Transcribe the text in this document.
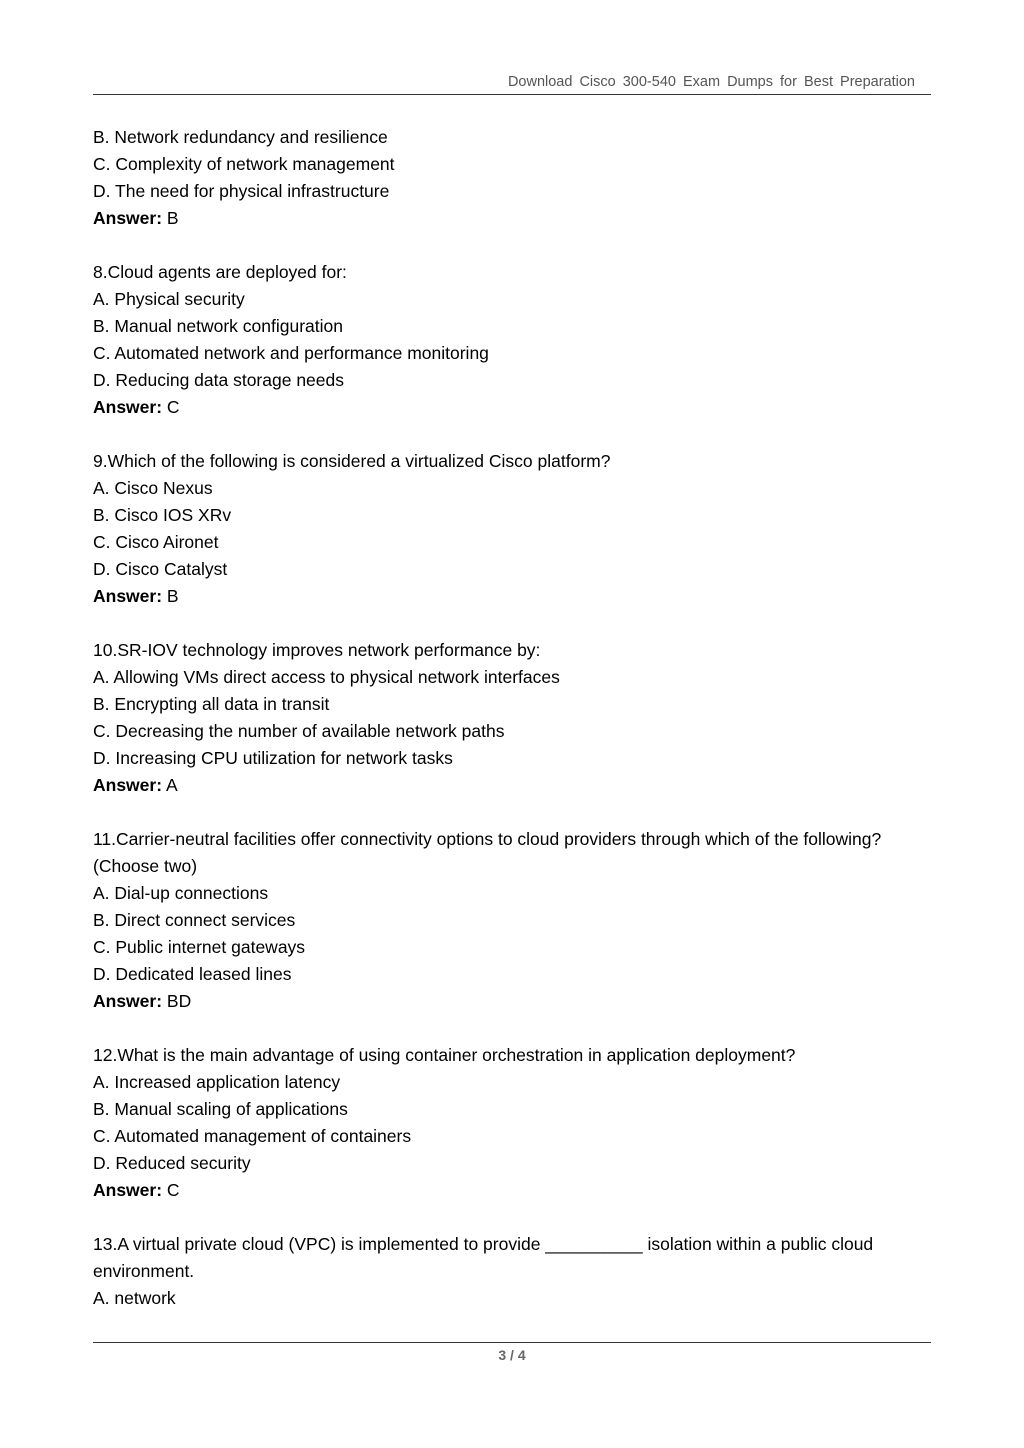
Download Cisco 300-540 Exam Dumps for Best Preparation
B. Network redundancy and resilience
C. Complexity of network management
D. The need for physical infrastructure
Answer: B
8.Cloud agents are deployed for:
A. Physical security
B. Manual network configuration
C. Automated network and performance monitoring
D. Reducing data storage needs
Answer: C
9.Which of the following is considered a virtualized Cisco platform?
A. Cisco Nexus
B. Cisco IOS XRv
C. Cisco Aironet
D. Cisco Catalyst
Answer: B
10.SR-IOV technology improves network performance by:
A. Allowing VMs direct access to physical network interfaces
B. Encrypting all data in transit
C. Decreasing the number of available network paths
D. Increasing CPU utilization for network tasks
Answer: A
11.Carrier-neutral facilities offer connectivity options to cloud providers through which of the following? (Choose two)
A. Dial-up connections
B. Direct connect services
C. Public internet gateways
D. Dedicated leased lines
Answer: BD
12.What is the main advantage of using container orchestration in application deployment?
A. Increased application latency
B. Manual scaling of applications
C. Automated management of containers
D. Reduced security
Answer: C
13.A virtual private cloud (VPC) is implemented to provide __________ isolation within a public cloud environment.
A. network
3 / 4
